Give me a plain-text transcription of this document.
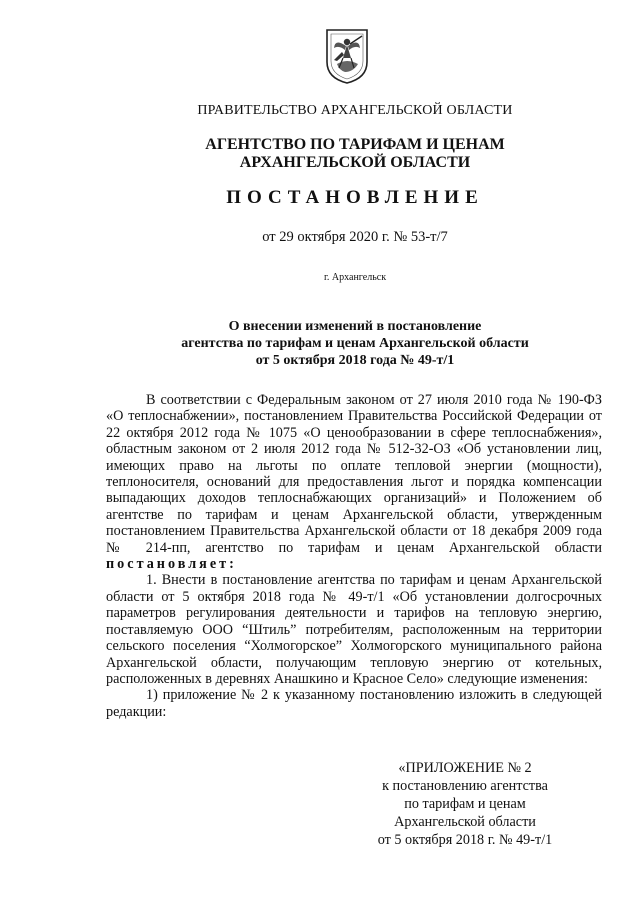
ПРАВИТЕЛЬСТВО АРХАНГЕЛЬСКОЙ ОБЛАСТИ
АГЕНТСТВО ПО ТАРИФАМ И ЦЕНАМ
АРХАНГЕЛЬСКОЙ ОБЛАСТИ
ПОСТАНОВЛЕНИЕ
от 29 октября 2020 г. № 53-т/7
г. Архангельск
О внесении изменений в постановление
агентства по тарифам и ценам Архангельской области
от 5 октября 2018 года № 49-т/1

В соответствии с Федеральным законом от 27 июля 2010 года № 190-ФЗ «О теплоснабжении», постановлением Правительства Российской Федерации от 22 октября 2012 года № 1075 «О ценообразовании в сфере теплоснабжения», областным законом от 2 июля 2012 года № 512-32-ОЗ «Об установлении лиц, имеющих право на льготы по оплате тепловой энергии (мощности), теплоносителя, оснований для предоставления льгот и порядка компенсации выпадающих доходов теплоснабжающих организаций» и Положением об агентстве по тарифам и ценам Архангельской области, утвержденным постановлением Правительства Архангельской области от 18 декабря 2009 года № 214-пп, агентство по тарифам и ценам Архангельской области постановляет:

1. Внести в постановление агентства по тарифам и ценам Архангельской области от 5 октября 2018 года № 49-т/1 «Об установлении долгосрочных параметров регулирования деятельности и тарифов на тепловую энергию, поставляемую ООО “Штиль” потребителям, расположенным на территории сельского поселения “Холмогорское” Холмогорского муниципального района Архангельской области, получающим тепловую энергию от котельных, расположенных в деревнях Анашкино и Красное Село» следующие изменения:

1) приложение № 2 к указанному постановлению изложить в следующей редакции:

«ПРИЛОЖЕНИЕ № 2
к постановлению агентства
по тарифам и ценам
Архангельской области
от 5 октября 2018 г. № 49-т/1
